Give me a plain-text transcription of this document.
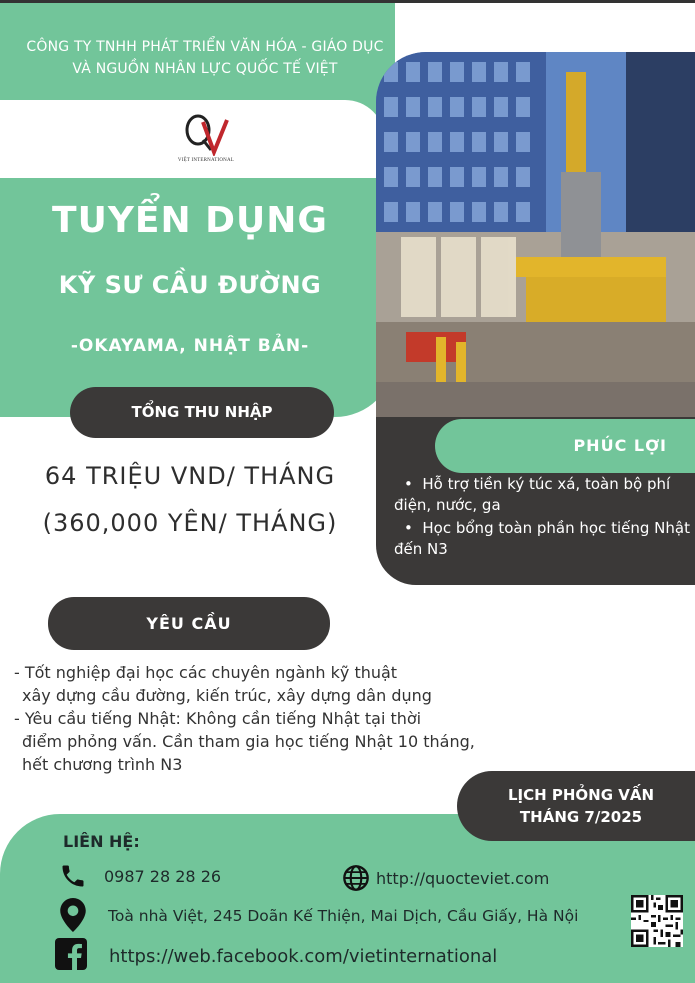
CÔNG TY TNHH PHÁT TRIỂN VĂN HÓA - GIÁO DỤC
VÀ NGUỒN NHÂN LỰC QUỐC TẾ VIỆT
VIỆT INTERNATIONAL
TUYỂN DỤNG
KỸ SƯ CẦU ĐƯỜNG
-OKAYAMA, NHẬT BẢN-
TỔNG THU NHẬP
64 TRIỆU VND/ THÁNG
(360,000 YÊN/ THÁNG)
PHÚC LỢI
•  Hỗ trợ tiền ký túc xá, toàn bộ phí điện, nước, ga
•  Học bổng toàn phần học tiếng Nhật đến N3
YÊU CẦU
- Tốt nghiệp đại học các chuyên ngành kỹ thuật
xây dựng cầu đường, kiến trúc, xây dựng dân dụng
- Yêu cầu tiếng Nhật: Không cần tiếng Nhật tại thời
điểm phỏng vấn. Cần tham gia học tiếng Nhật 10 tháng,
hết chương trình N3
LỊCH PHỎNG VẤN
THÁNG 7/2025
LIÊN HỆ:
0987 28 28 26	http://quocteviet.com
Toà nhà Việt, 245 Doãn Kế Thiện, Mai Dịch, Cầu Giấy, Hà Nội
https://web.facebook.com/vietinternational
